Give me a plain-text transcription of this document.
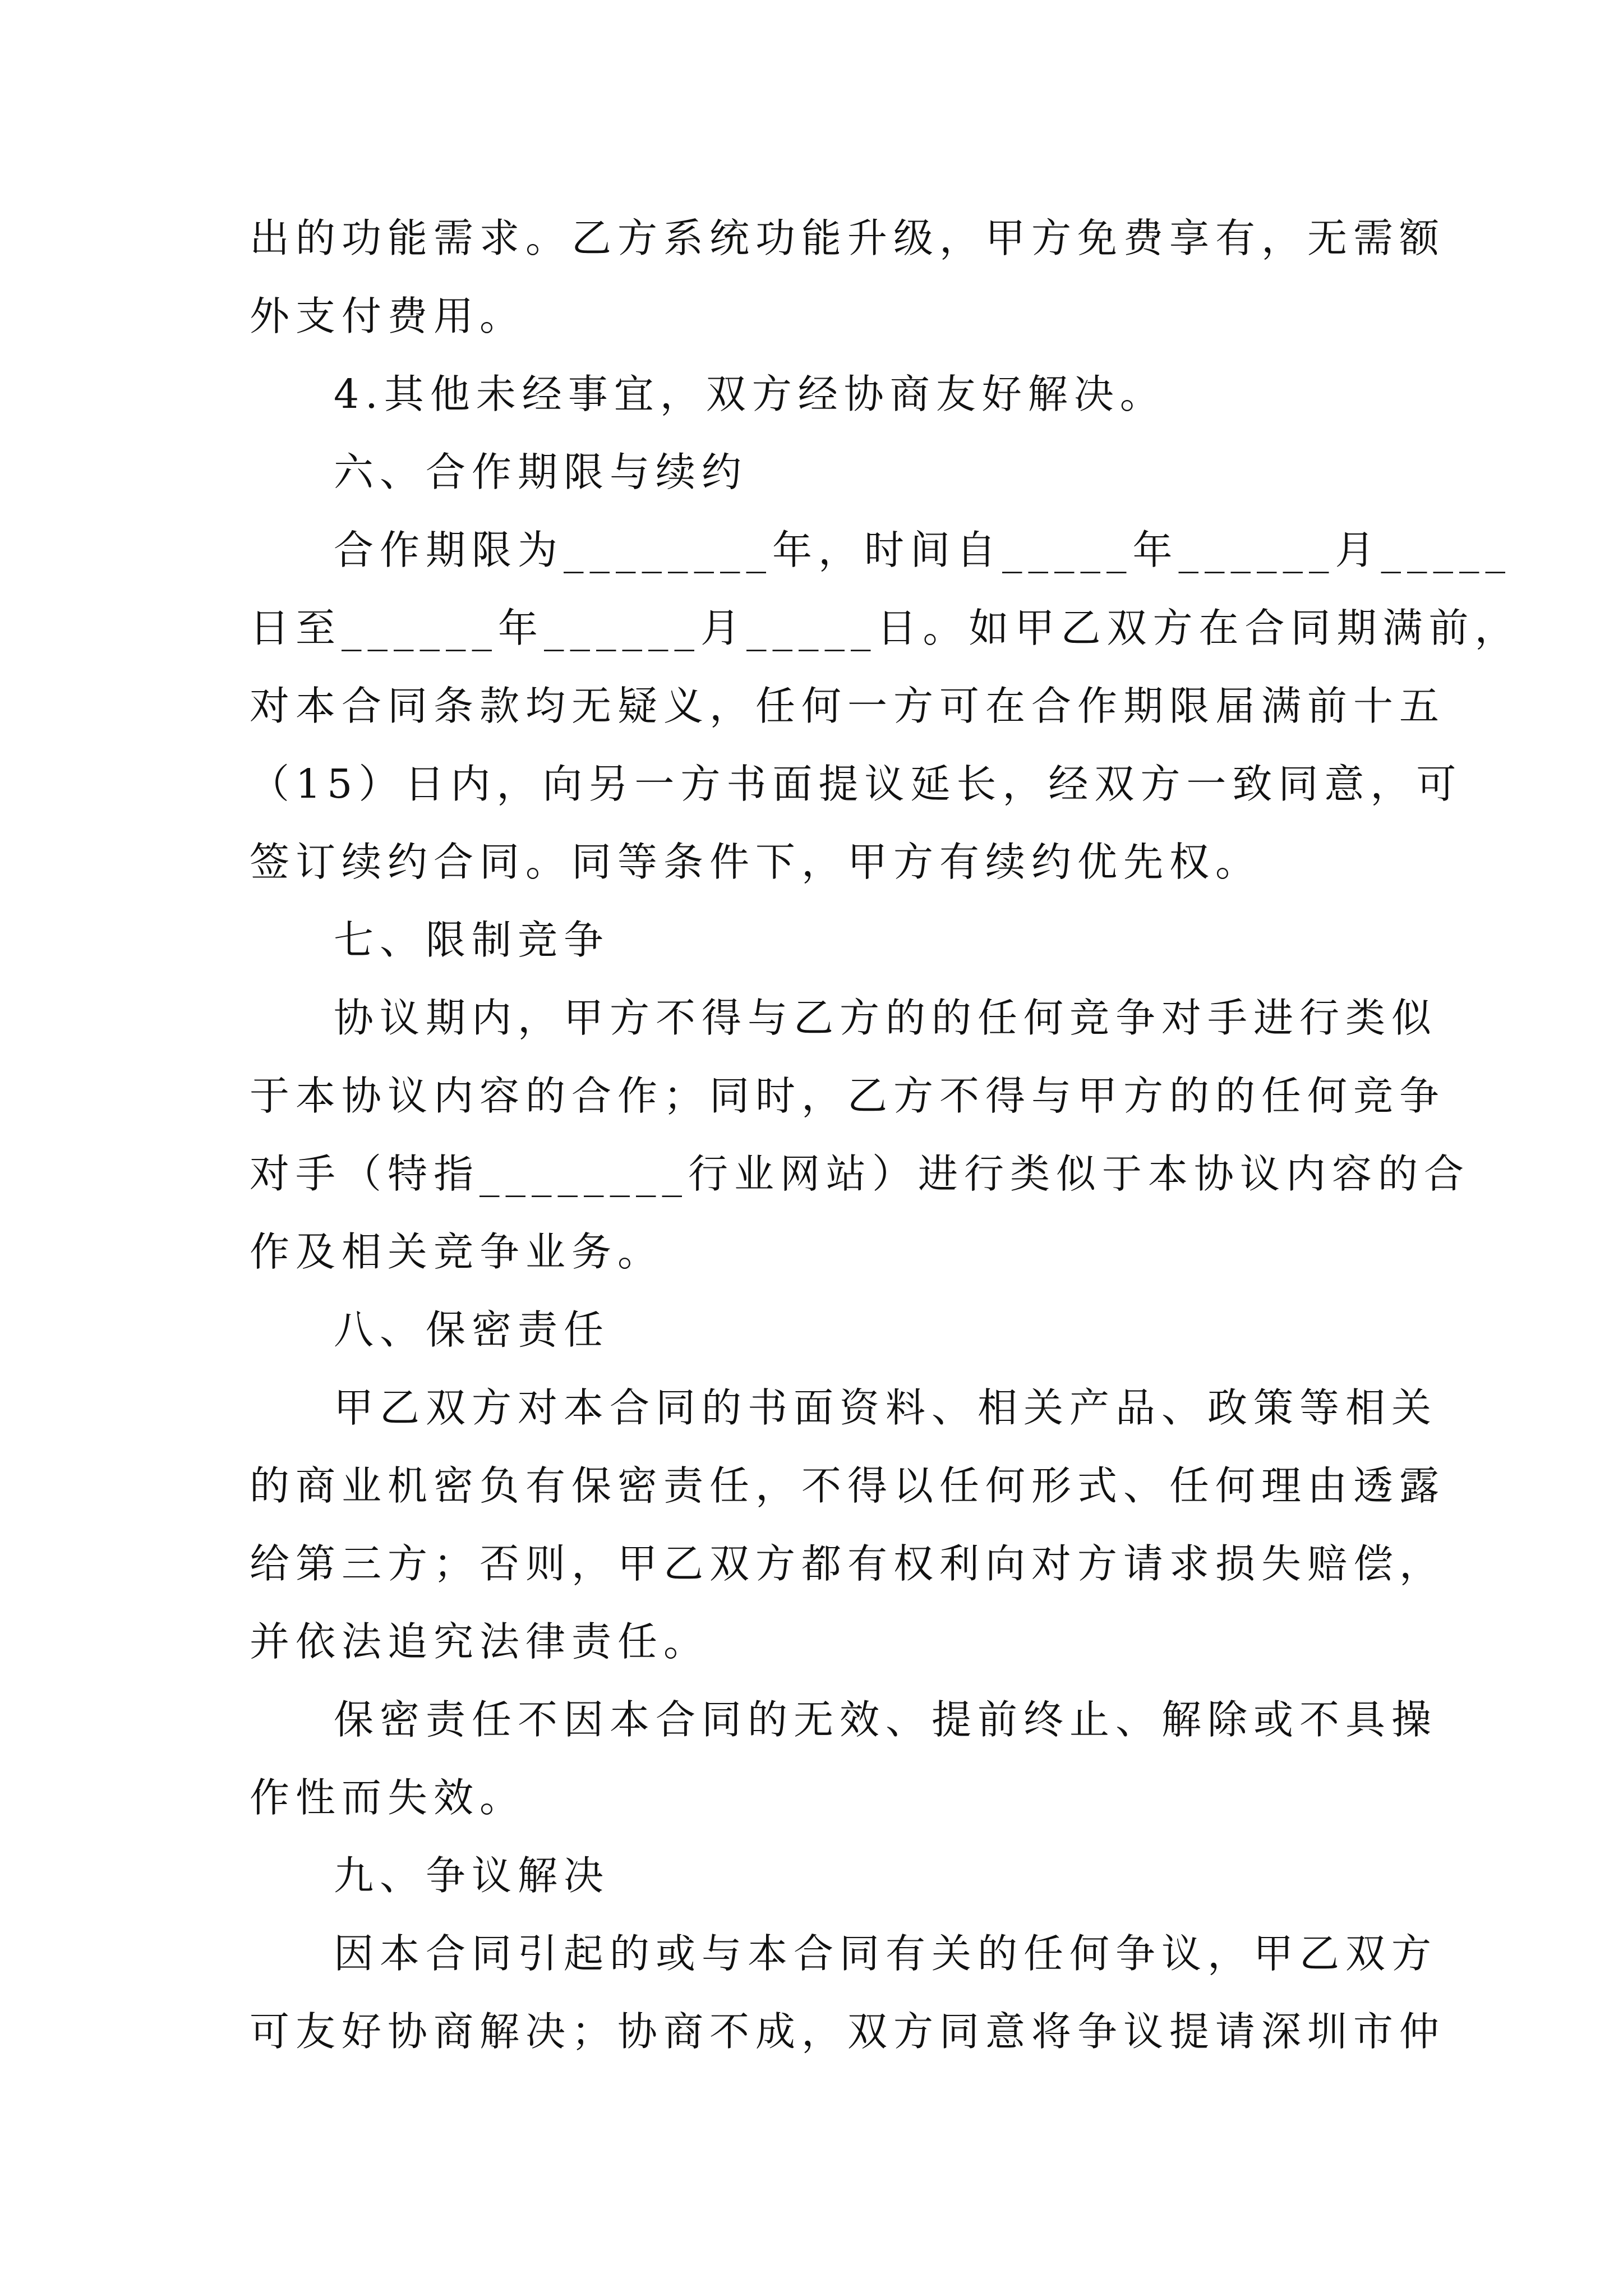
出的功能需求。乙方系统功能升级，甲方免费享有，无需额
外支付费用。
4.其他未经事宜，双方经协商友好解决。
六、合作期限与续约
合作期限为________年，时间自_____年______月_____
日至______年______月_____日。如甲乙双方在合同期满前，
对本合同条款均无疑义，任何一方可在合作期限届满前十五
（15）日内，向另一方书面提议延长，经双方一致同意，可
签订续约合同。同等条件下，甲方有续约优先权。
七、限制竞争
协议期内，甲方不得与乙方的的任何竞争对手进行类似
于本协议内容的合作；同时，乙方不得与甲方的的任何竞争
对手（特指________行业网站）进行类似于本协议内容的合
作及相关竞争业务。
八、保密责任
甲乙双方对本合同的书面资料、相关产品、政策等相关
的商业机密负有保密责任，不得以任何形式、任何理由透露
给第三方；否则，甲乙双方都有权利向对方请求损失赔偿，
并依法追究法律责任。
保密责任不因本合同的无效、提前终止、解除或不具操
作性而失效。
九、争议解决
因本合同引起的或与本合同有关的任何争议，甲乙双方
可友好协商解决；协商不成，双方同意将争议提请深圳市仲
